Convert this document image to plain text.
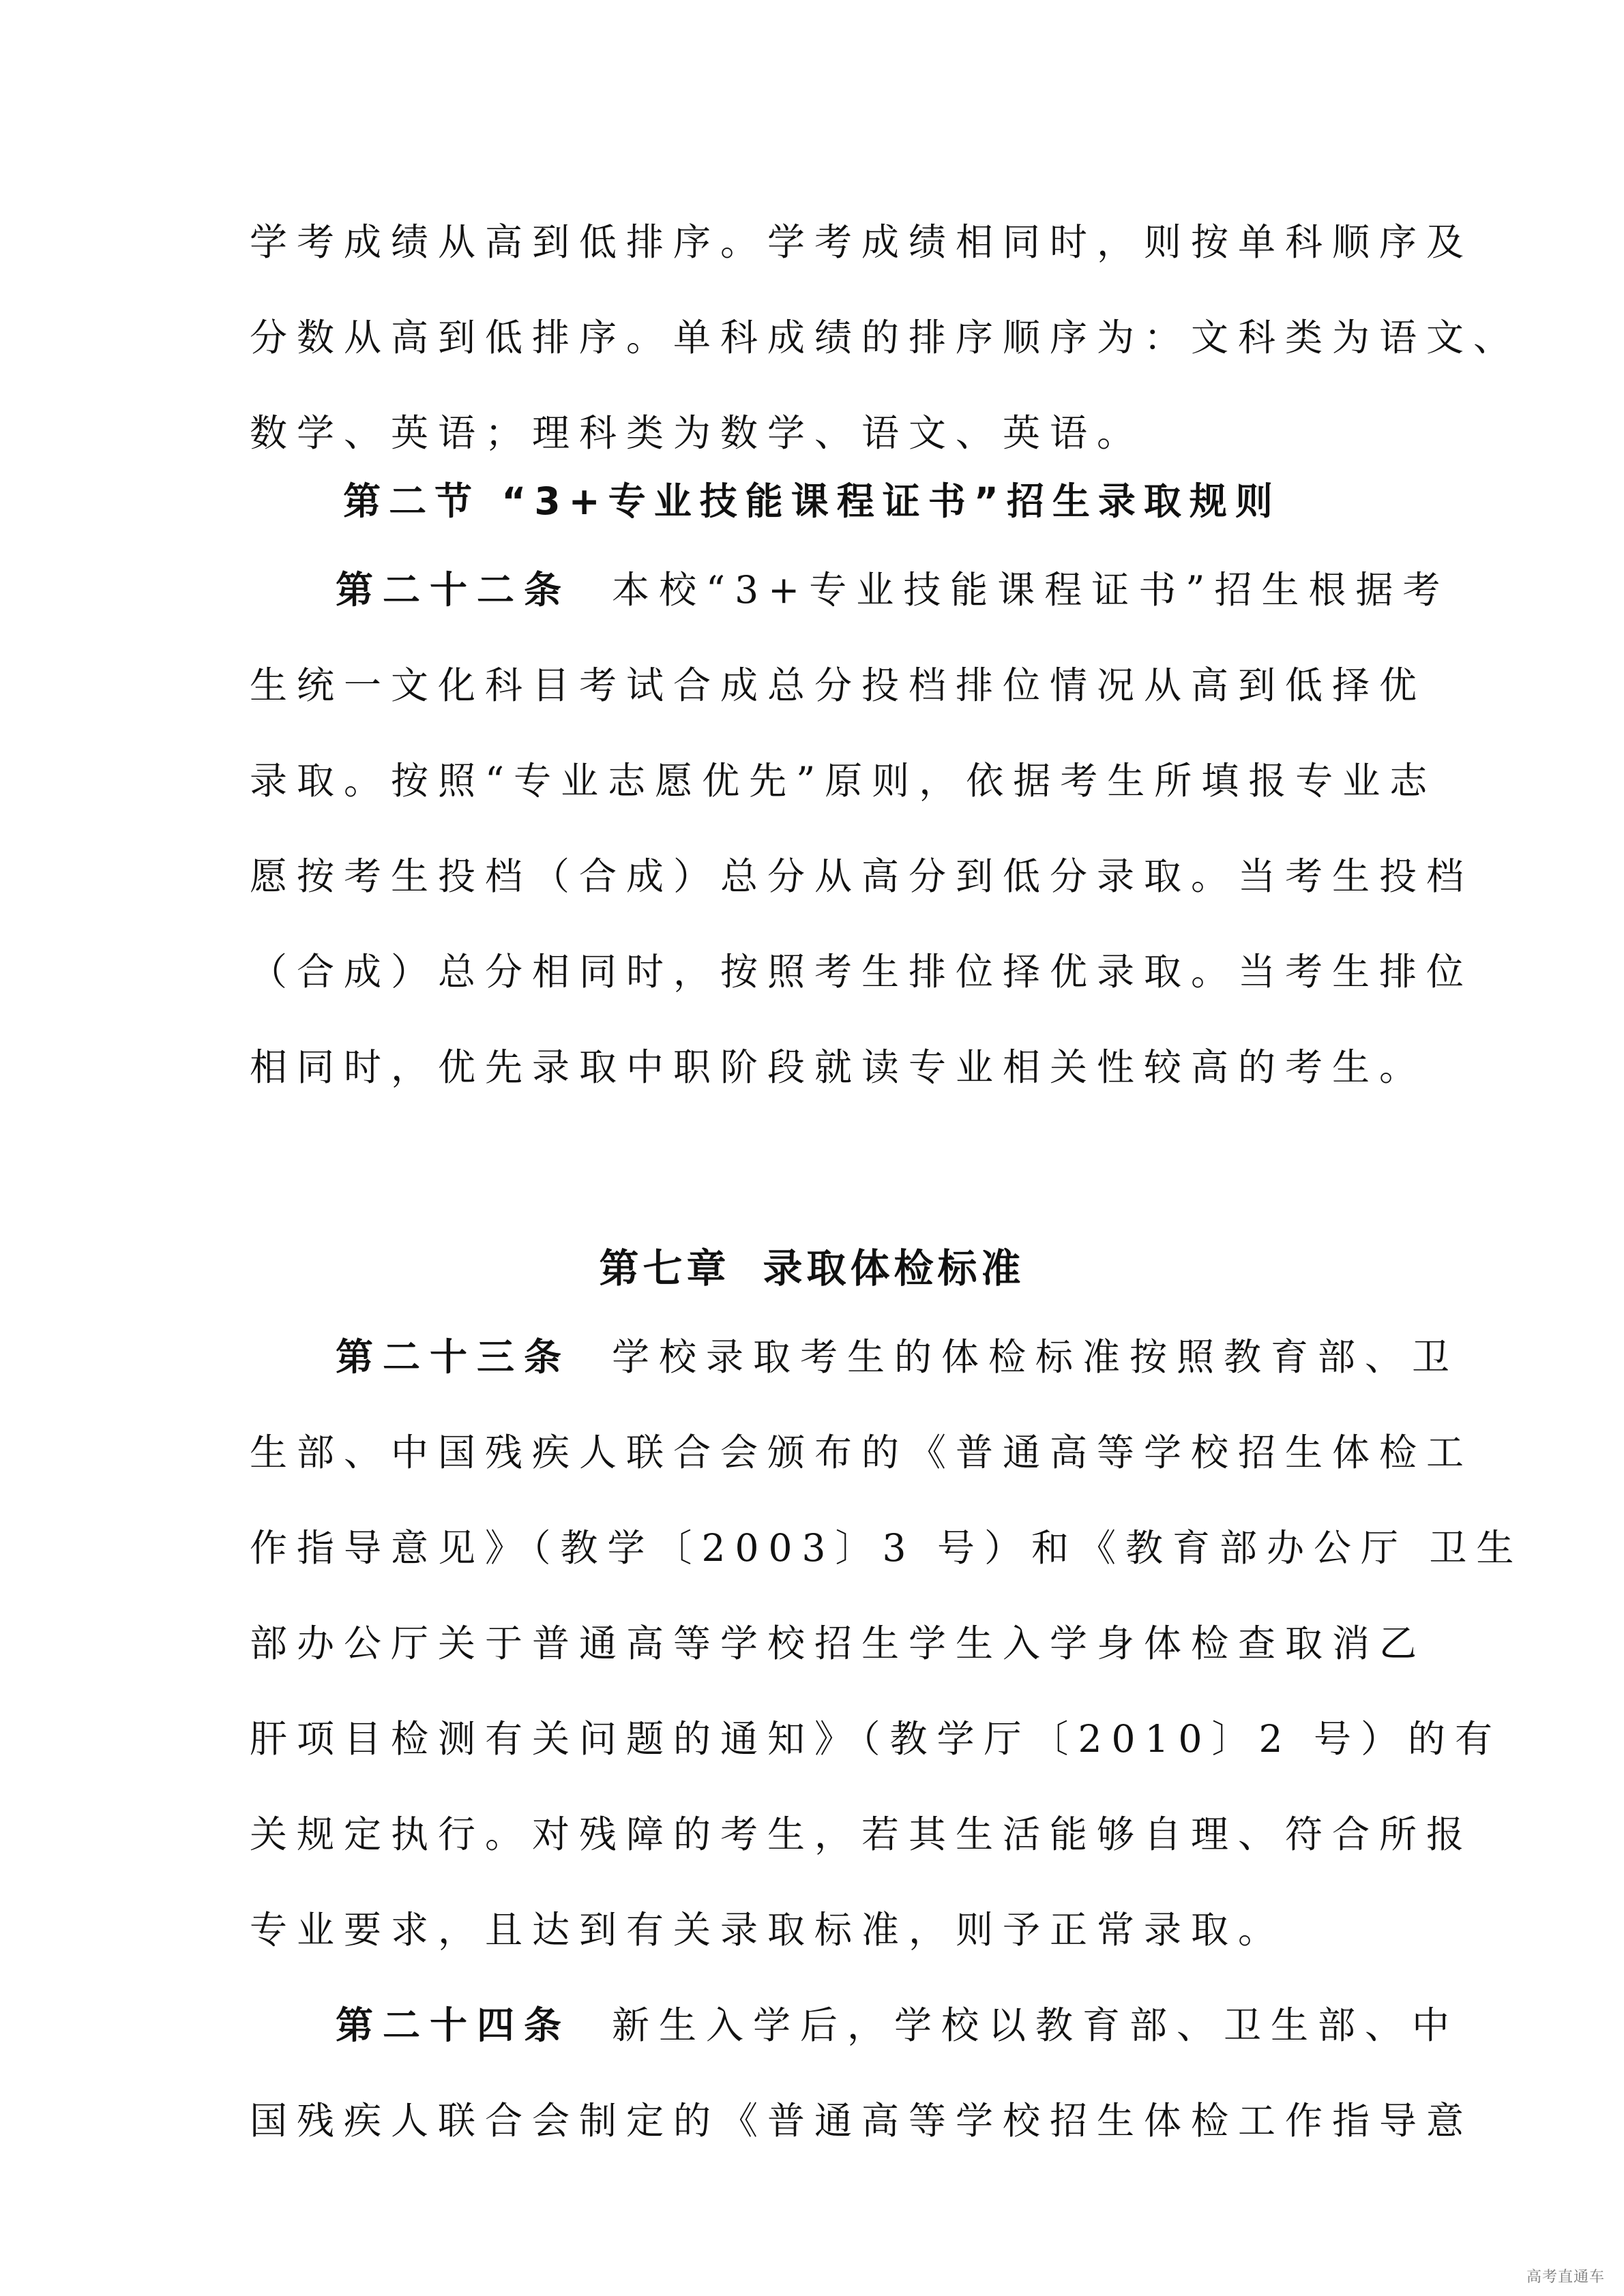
学考成绩从高到低排序。学考成绩相同时，则按单科顺序及
分数从高到低排序。单科成绩的排序顺序为：文科类为语文、
数学、英语；理科类为数学、语文、英语。
第二节 “3+专业技能课程证书”招生录取规则
第二十二条 本校“3+专业技能课程证书”招生根据考
生统一文化科目考试合成总分投档排位情况从高到低择优
录取。按照“专业志愿优先”原则，依据考生所填报专业志
愿按考生投档（合成）总分从高分到低分录取。当考生投档
（合成）总分相同时，按照考生排位择优录取。当考生排位
相同时，优先录取中职阶段就读专业相关性较高的考生。
第七章 录取体检标准
第二十三条 学校录取考生的体检标准按照教育部、卫
生部、中国残疾人联合会颁布的《普通高等学校招生体检工
作指导意见》（教学〔2003〕3 号）和《教育部办公厅 卫生
部办公厅关于普通高等学校招生学生入学身体检查取消乙
肝项目检测有关问题的通知》（教学厅〔2010〕2 号）的有
关规定执行。对残障的考生，若其生活能够自理、符合所报
专业要求，且达到有关录取标准，则予正常录取。
第二十四条 新生入学后，学校以教育部、卫生部、中
国残疾人联合会制定的《普通高等学校招生体检工作指导意
高考直通车
